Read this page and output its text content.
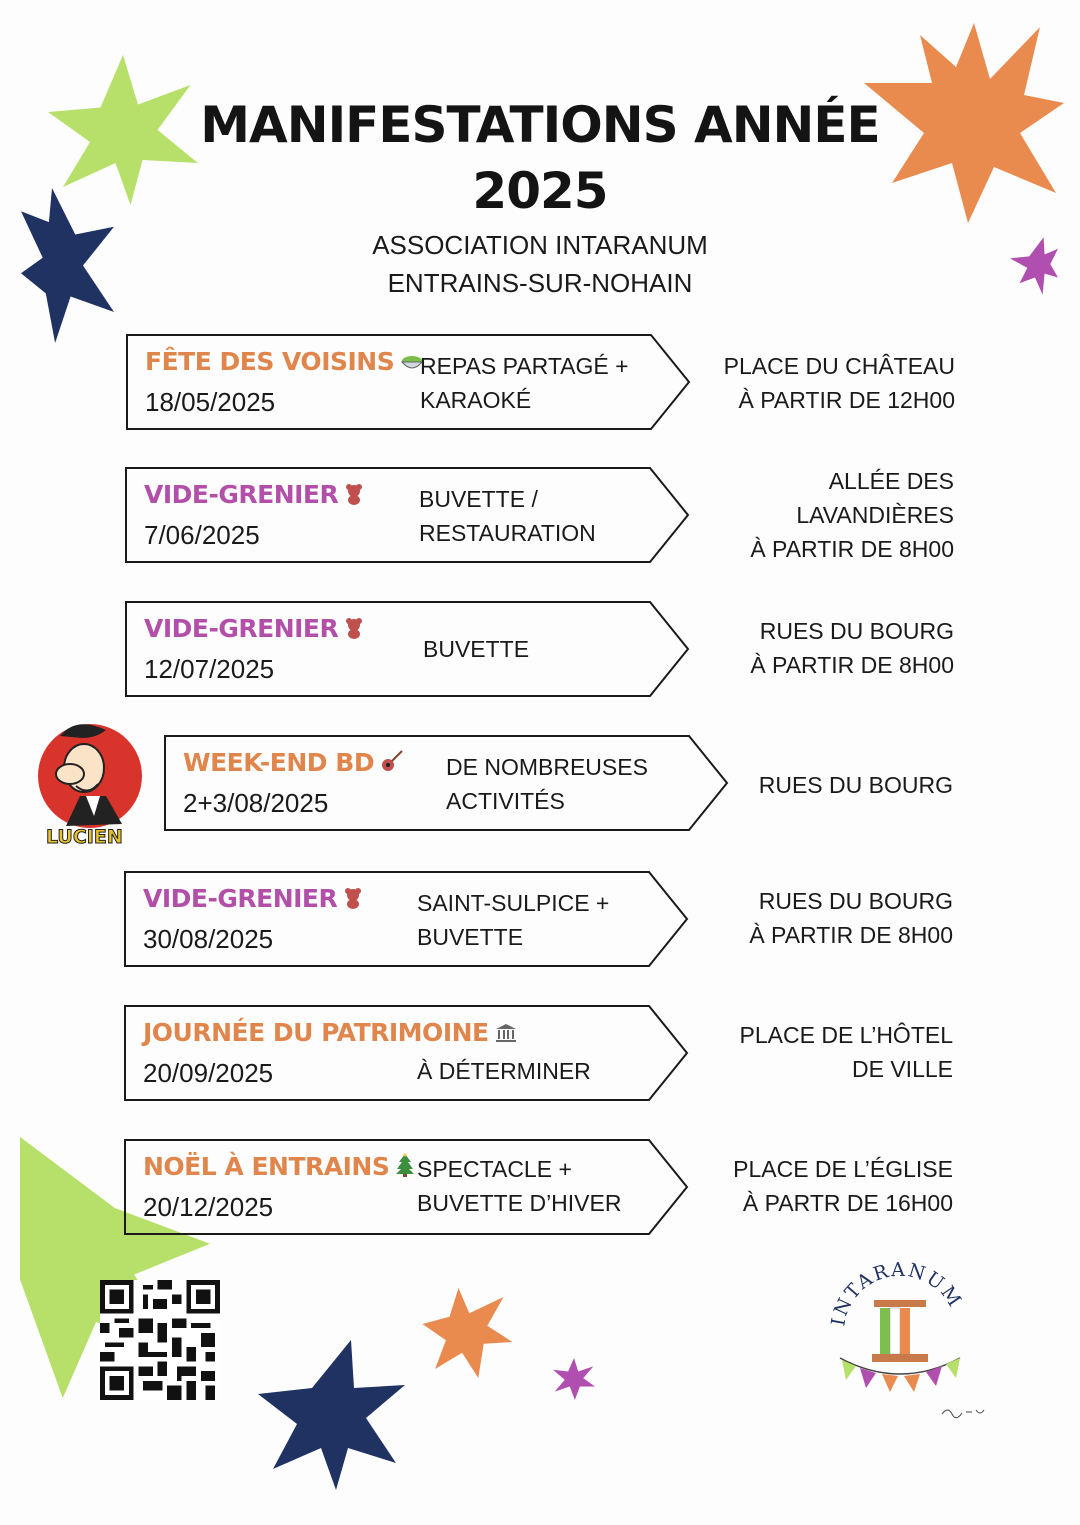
MANIFESTATIONS ANNÉE
2025
ASSOCIATION INTARANUM
ENTRAINS-SUR-NOHAIN
FÊTE DES VOISINS
18/05/2025
REPAS PARTAGÉ +
KARAOKÉ
PLACE DU CHÂTEAU
À PARTIR DE 12H00
VIDE-GRENIER
7/06/2025
BUVETTE /
RESTAURATION
ALLÉE DES
LAVANDIÈRES
À PARTIR DE 8H00
VIDE-GRENIER
12/07/2025
BUVETTE
RUES DU BOURG
À PARTIR DE 8H00
WEEK-END BD
2+3/08/2025
DE NOMBREUSES
ACTIVITÉS
RUES DU BOURG
VIDE-GRENIER
30/08/2025
SAINT-SULPICE +
BUVETTE
RUES DU BOURG
À PARTIR DE 8H00
JOURNÉE DU PATRIMOINE
20/09/2025	À DÉTERMINER
PLACE DE L’HÔTEL
DE VILLE
NOËL À ENTRAINS
20/12/2025
SPECTACLE +
BUVETTE D’HIVER
PLACE DE L’ÉGLISE
À PARTR DE 16H00
LUCIEN
NTARANUM
